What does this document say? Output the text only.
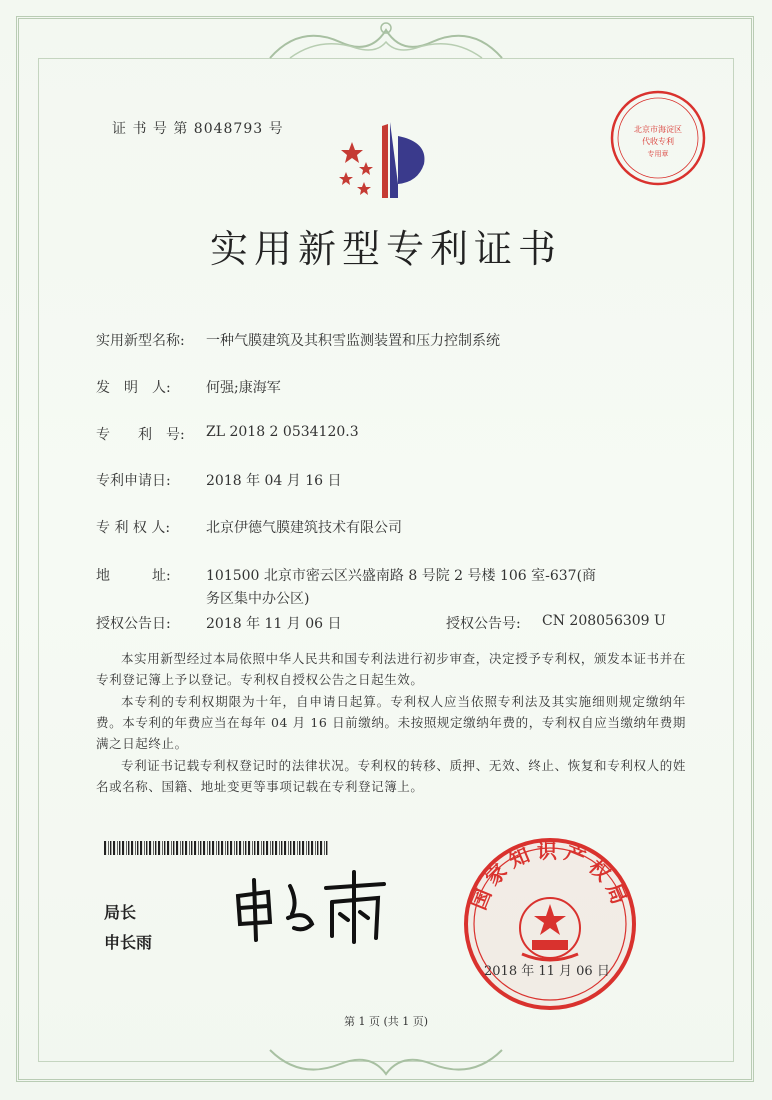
证 书 号 第 8048793 号	北京市海淀区
代收专利
专用章
实用新型专利证书
实用新型名称: 一种气膜建筑及其积雪监测装置和压力控制系统
发　明　人:	何强;康海军
专　　利　号: ZL 2018 2 0534120.3
专利申请日:	2018 年 04 月 16 日
专 利 权 人:	北京伊德气膜建筑技术有限公司
地　　　址:	101500 北京市密云区兴盛南路 8 号院 2 号楼 106 室-637(商
务区集中办公区)
授权公告日:	2018 年 11 月 06 日	授权公告号: CN 208056309 U
本实用新型经过本局依照中华人民共和国专利法进行初步审查，决定授予专利权，颁发本证书并在专利登记簿上予以登记。专利权自授权公告之日起生效。
本专利的专利权期限为十年，自申请日起算。专利权人应当依照专利法及其实施细则规定缴纳年费。本专利的年费应当在每年 04 月 16 日前缴纳。未按照规定缴纳年费的，专利权自应当缴纳年费期满之日起终止。
专利证书记载专利权登记时的法律状况。专利权的转移、质押、无效、终止、恢复和专利权人的姓名或名称、国籍、地址变更等事项记载在专利登记簿上。
局长
申长雨
国家知识产权局
2018 年 11 月 06 日
第 1 页 (共 1 页)
